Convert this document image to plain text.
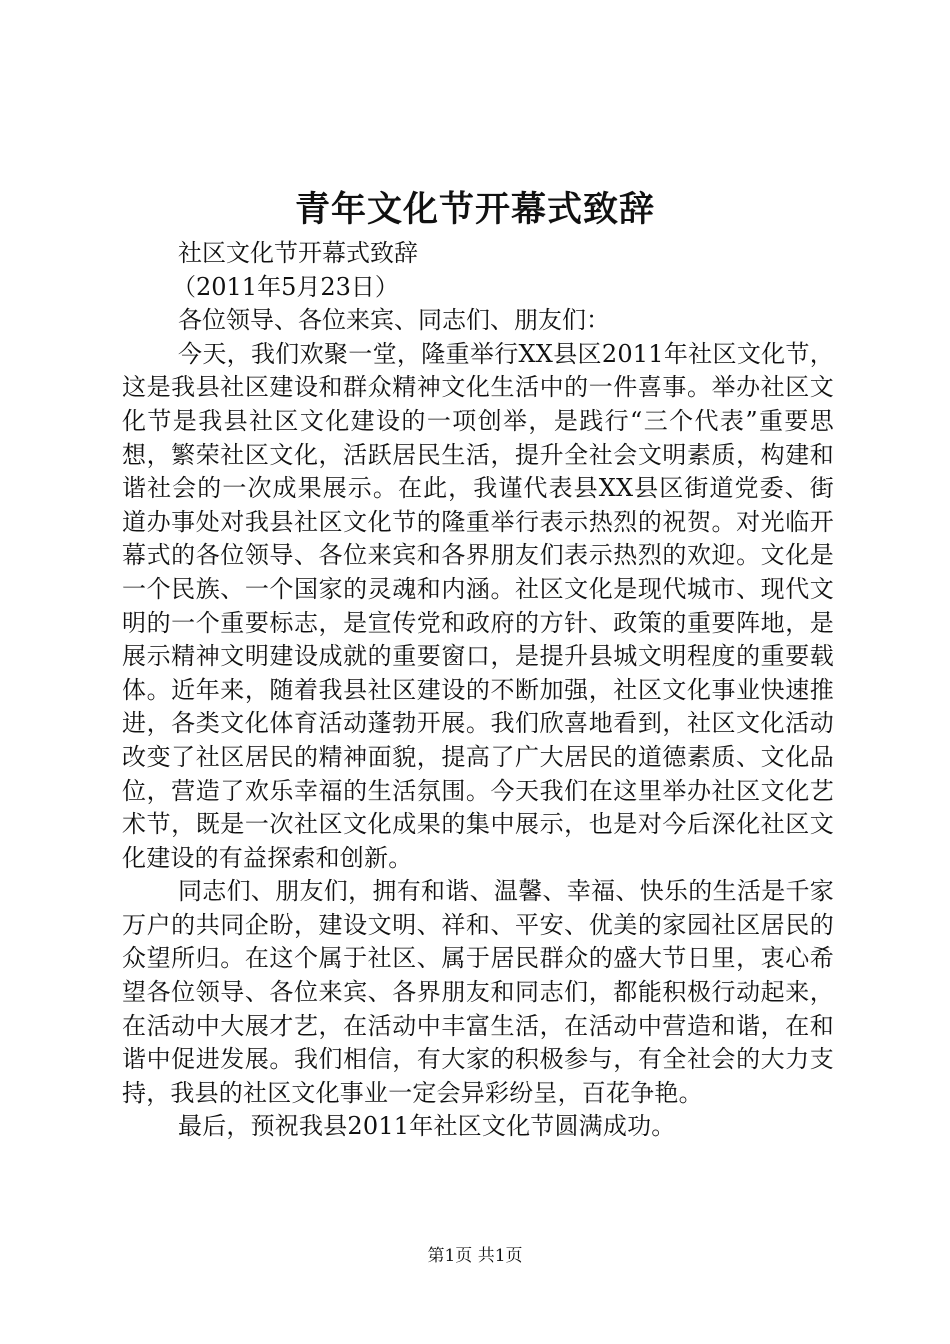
青年文化节开幕式致辞

社区文化节开幕式致辞

（2011年5月23日）

各位领导、各位来宾、同志们、朋友们：

今天，我们欢聚一堂，隆重举行XX县区2011年社区文化节，这是我县社区建设和群众精神文化生活中的一件喜事。举办社区文化节是我县社区文化建设的一项创举，是践行“三个代表”重要思想，繁荣社区文化，活跃居民生活，提升全社会文明素质，构建和谐社会的一次成果展示。在此，我谨代表县XX县区街道党委、街道办事处对我县社区文化节的隆重举行表示热烈的祝贺。对光临开幕式的各位领导、各位来宾和各界朋友们表示热烈的欢迎。文化是一个民族、一个国家的灵魂和内涵。社区文化是现代城市、现代文明的一个重要标志，是宣传党和政府的方针、政策的重要阵地，是展示精神文明建设成就的重要窗口，是提升县城文明程度的重要载体。近年来，随着我县社区建设的不断加强，社区文化事业快速推进，各类文化体育活动蓬勃开展。我们欣喜地看到，社区文化活动改变了社区居民的精神面貌，提高了广大居民的道德素质、文化品位，营造了欢乐幸福的生活氛围。今天我们在这里举办社区文化艺术节，既是一次社区文化成果的集中展示，也是对今后深化社区文化建设的有益探索和创新。

同志们、朋友们，拥有和谐、温馨、幸福、快乐的生活是千家万户的共同企盼，建设文明、祥和、平安、优美的家园社区居民的众望所归。在这个属于社区、属于居民群众的盛大节日里，衷心希望各位领导、各位来宾、各界朋友和同志们，都能积极行动起来，在活动中大展才艺，在活动中丰富生活，在活动中营造和谐，在和谐中促进发展。我们相信，有大家的积极参与，有全社会的大力支持，我县的社区文化事业一定会异彩纷呈，百花争艳。

最后，预祝我县2011年社区文化节圆满成功。

第1页 共1页
